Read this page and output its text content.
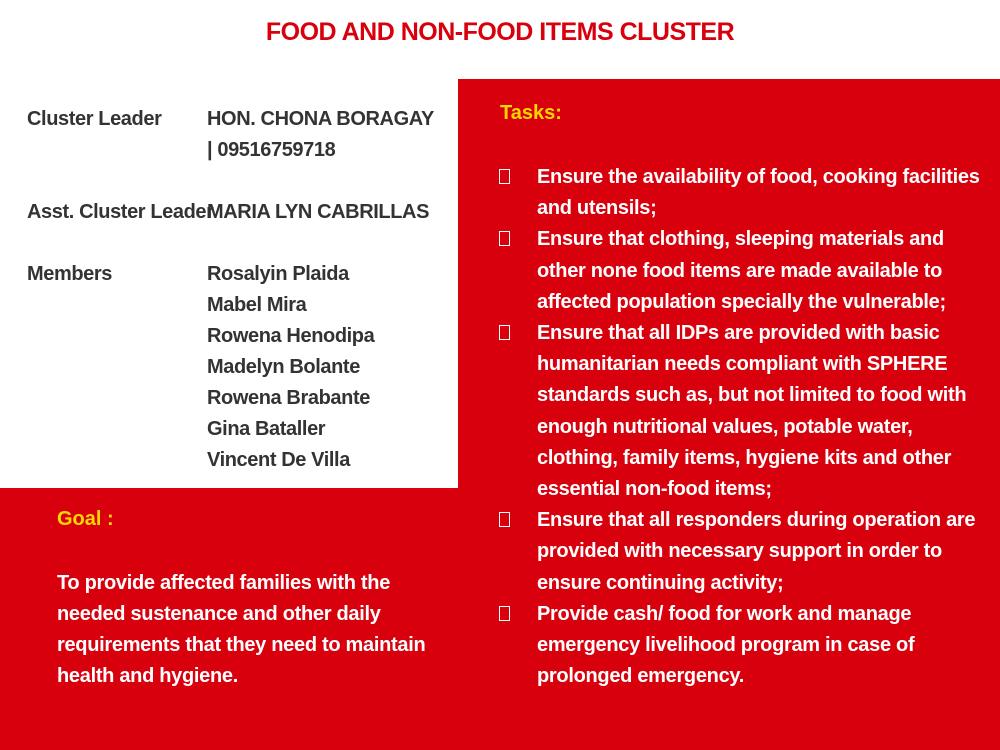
FOOD AND NON-FOOD ITEMS CLUSTER
Cluster Leader	HON. CHONA BORAGAY
| 09516759718
Asst. Cluster Leader
MARIA LYN CABRILLAS
Members	Rosalyin Plaida
Mabel Mira
Rowena Henodipa
Madelyn Bolante
Rowena Brabante
Gina Bataller
Vincent De Villa
Goal :
To provide affected families with the needed sustenance and other daily requirements that they need to maintain health and hygiene.
Tasks:
Ensure the availability of food, cooking facilities and utensils;
Ensure that clothing, sleeping materials and other none food items are made available to affected population specially the vulnerable;
Ensure that all IDPs are provided with basic humanitarian needs compliant with SPHERE standards such as, but not limited to food with enough nutritional values, potable water, clothing, family items, hygiene kits and other essential non-food items;
Ensure that all responders during operation are provided with necessary support in order to ensure continuing activity;
Provide cash/ food for work and manage emergency livelihood program in case of prolonged emergency.
